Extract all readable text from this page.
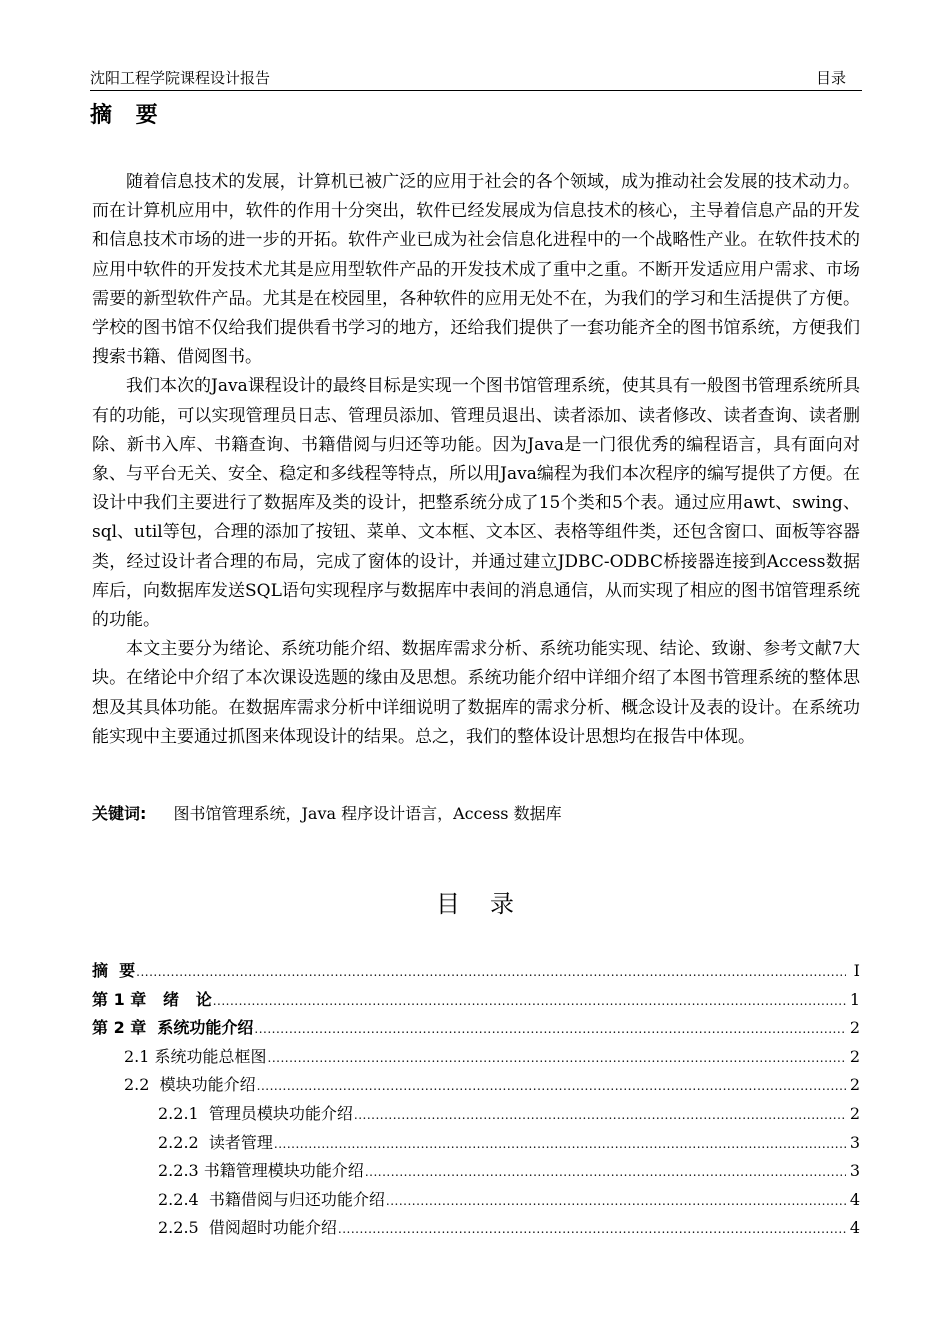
沈阳工程学院课程设计报告	目录
摘 要

随着信息技术的发展，计算机已被广泛的应用于社会的各个领域，成为推动社会发展的技术动力。而在计算机应用中，软件的作用十分突出，软件已经发展成为信息技术的核心，主导着信息产品的开发和信息技术市场的进一步的开拓。软件产业已成为社会信息化进程中的一个战略性产业。在软件技术的应用中软件的开发技术尤其是应用型软件产品的开发技术成了重中之重。不断开发适应用户需求、市场需要的新型软件产品。尤其是在校园里，各种软件的应用无处不在，为我们的学习和生活提供了方便。学校的图书馆不仅给我们提供看书学习的地方，还给我们提供了一套功能齐全的图书馆系统，方便我们搜索书籍、借阅图书。

我们本次的Java课程设计的最终目标是实现一个图书馆管理系统，使其具有一般图书管理系统所具有的功能，可以实现管理员日志、管理员添加、管理员退出、读者添加、读者修改、读者查询、读者删除、新书入库、书籍查询、书籍借阅与归还等功能。因为Java是一门很优秀的编程语言，具有面向对象、与平台无关、安全、稳定和多线程等特点，所以用Java编程为我们本次程序的编写提供了方便。在设计中我们主要进行了数据库及类的设计，把整系统分成了15个类和5个表。通过应用awt、swing、sql、util等包，合理的添加了按钮、菜单、文本框、文本区、表格等组件类，还包含窗口、面板等容器类，经过设计者合理的布局，完成了窗体的设计，并通过建立JDBC-ODBC桥接器连接到Access数据库后，向数据库发送SQL语句实现程序与数据库中表间的消息通信，从而实现了相应的图书馆管理系统的功能。

本文主要分为绪论、系统功能介绍、数据库需求分析、系统功能实现、结论、致谢、参考文献7大块。在绪论中介绍了本次课设选题的缘由及思想。系统功能介绍中详细介绍了本图书管理系统的整体思想及其具体功能。在数据库需求分析中详细说明了数据库的需求分析、概念设计及表的设计。在系统功能实现中主要通过抓图来体现设计的结果。总之，我们的整体设计思想均在报告中体现。

关键词: 图书馆管理系统，Java 程序设计语言，Access 数据库
目录
摘  要 .....	I
第 1 章   绪   论 .....	1
第 2 章  系统功能介绍 .....	2
2.1 系统功能总框图 .....	2
2.2  模块功能介绍 .....	2
2.2.1  管理员模块功能介绍 .....	2
2.2.2  读者管理 .....	3
2.2.3 书籍管理模块功能介绍 .....	3
2.2.4  书籍借阅与归还功能介绍 .....	4
2.2.5  借阅超时功能介绍 .....	4
